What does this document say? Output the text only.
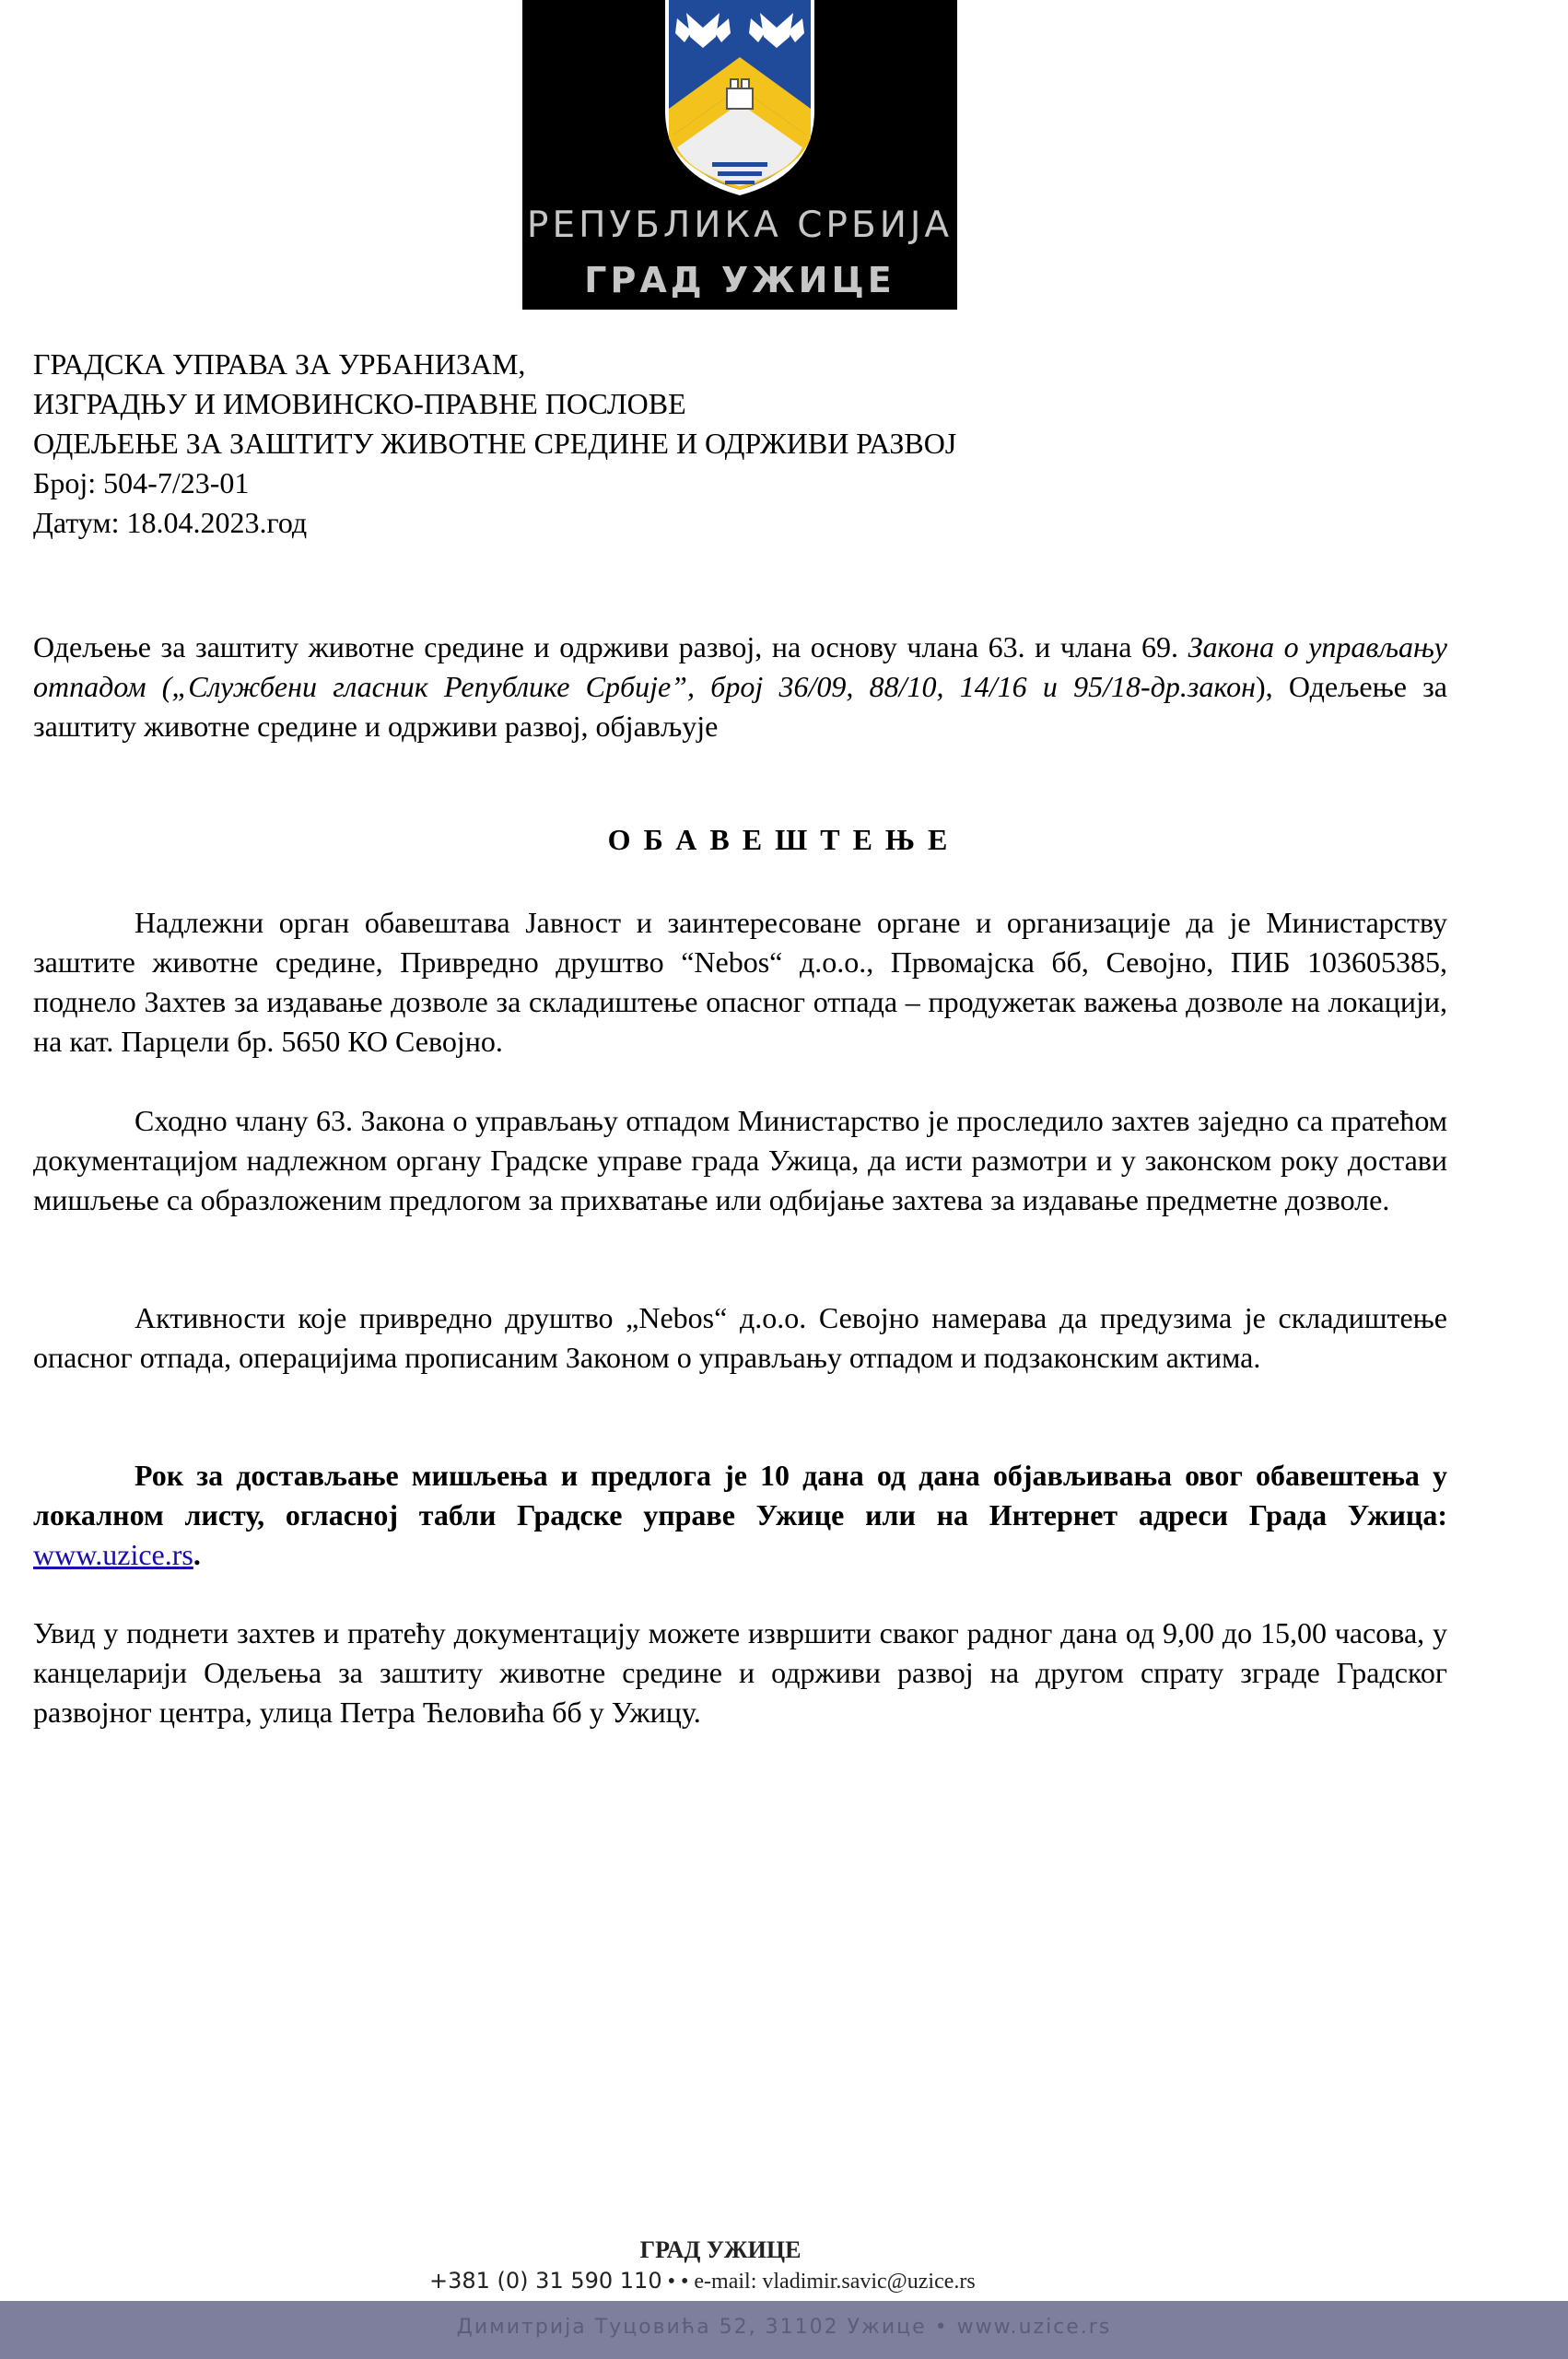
РЕПУБЛИКА СРБИЈА
ГРАД УЖИЦЕ
ГРАДСКА УПРАВА ЗА УРБАНИЗАМ,
ИЗГРАДЊУ И ИМОВИНСКО-ПРАВНЕ ПОСЛОВЕ
ОДЕЉЕЊЕ ЗА ЗАШТИТУ ЖИВОТНЕ СРЕДИНЕ И ОДРЖИВИ РАЗВОЈ
Број: 504-7/23-01
Датум: 18.04.2023.год
Одељење за заштиту животне средине и одрживи развој, на основу члана 63. и члана 69. Закона о управљању отпадом („Службени гласник Републике Србије”, број 36/09, 88/10, 14/16 и 95/18-др.закон), Одељење за заштиту животне средине и одрживи развој, објављује
ОБАВЕШТЕЊЕ
Надлежни орган обавештава Јавност и заинтересоване органе и организације да је Министарству заштите животне средине, Привредно друштво “Nebos“ д.о.о., Првомајска бб, Севојно, ПИБ 103605385, поднело Захтев за издавање дозволе за складиштење опасног отпада – продужетак важења дозволе на локацији, на кат. Парцели бр. 5650 КО Севојно.
Сходно члану 63. Закона о управљању отпадом Министарство је проследило захтев заједно са пратећом документацијом надлежном органу Градске управе града Ужица, да исти размотри и у законском року достави мишљење са образложеним предлогом за прихватање или одбијање захтева за издавање предметне дозволе.
Активности које привредно друштво „Nebos“ д.о.о. Севојно намерава да предузима је складиштење опасног отпада, операцијима прописаним Законом о управљању отпадом и подзаконским актима.
Рок за достављање мишљења и предлога је 10 дана од дана објављивања овог обавештења у локалном листу, огласној табли Градске управе Ужице или на Интернет адреси Града Ужица: www.uzice.rs.
Увид у поднети захтев и пратећу документацију можете извршити сваког радног дана од 9,00 до 15,00 часова, у канцеларији Одељења за заштиту животне средине и одрживи развој на другом спрату зграде Градског развојног центра, улица Петра Ћеловића бб у Ужицу.
ГРАД УЖИЦЕ
+381 (0) 31 590 110 • • e-mail: vladimir.savic@uzice.rs
Димитрија Туцовића 52, 31102 Ужице • www.uzice.rs
